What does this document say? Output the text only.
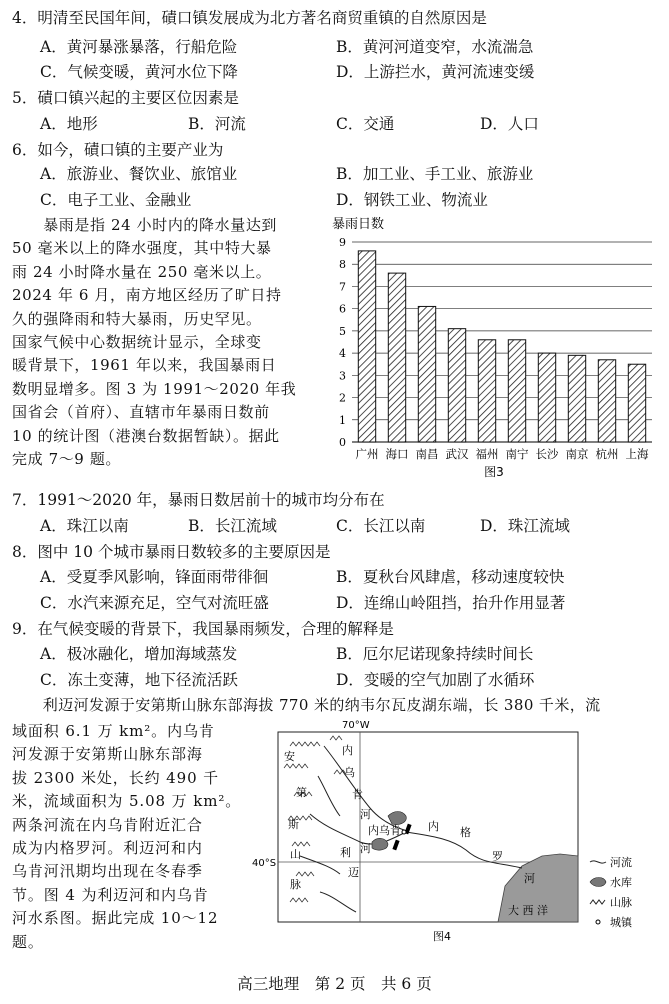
4．明清至民国年间，磧口镇发展成为北方著名商贸重镇的自然原因是
A．黄河暴涨暴落，行船危险	B．黄河河道变窄，水流湍急
C．气候变暖，黄河水位下降	D．上游拦水，黄河流速变缓
5．磧口镇兴起的主要区位因素是
A．地形	B．河流	C．交通	D．人口
6．如今，磧口镇的主要产业为
A．旅游业、餐饮业、旅馆业	B．加工业、手工业、旅游业
C．电子工业、金融业	D．钢铁工业、物流业
　　暴雨是指 24 小时内的降水量达到
50 毫米以上的降水强度，其中特大暴
雨 24 小时降水量在 250 毫米以上。
2024 年 6 月，南方地区经历了旷日持
久的强降雨和特大暴雨，历史罕见。
国家气候中心数据统计显示，全球变
暖背景下，1961 年以来，我国暴雨日
数明显增多。图 3 为 1991～2020 年我
国省会（首府）、直辖市年暴雨日数前
10 的统计图（港澳台数据暂缺）。据此
完成 7～9 题。
暴雨日数
0
1
2
3
4
5
6
7
8
9
广州 海口 南昌 武汉 福州 南宁 长沙 南京 杭州 上海
图3
7．1991～2020 年，暴雨日数居前十的城市均分布在
A．珠江以南	B．长江流域	C．长江以南	D．珠江流域
8．图中 10 个城市暴雨日数较多的主要原因是
A．受夏季风影响，锋面雨带徘徊	B．夏秋台风肆虐，移动速度较快
C．水汽来源充足，空气对流旺盛	D．连绵山岭阻挡，抬升作用显著
9．在气候变暖的背景下，我国暴雨频发，合理的解释是
A．极冰融化，增加海域蒸发	B．厄尔尼诺现象持续时间长
C．冻土变薄，地下径流活跃	D．变暖的空气加剧了水循环
　　利迈河发源于安第斯山脉东部海拔 770 米的纳韦尔瓦皮湖东端，长 380 千米，流
域面积 6.1 万 km²。内乌肯
河发源于安第斯山脉东部海
拔 2300 米处，长约 490 千
米，流域面积为 5.08 万 km²。
两条河流在内乌肯附近汇合
成为内格罗河。利迈河和内
乌肯河汛期均出现在冬春季
节。图 4 为利迈河和内乌肯
河水系图。据此完成 10～12
题。
70°W
40°S
大 西 洋
内乌肯
内
乌
肯
河
安
第
斯
山
脉
利
迈
河
内 格
罗
河
图4
河流
水库
山脉
城镇
高三地理　第 2 页　共 6 页
